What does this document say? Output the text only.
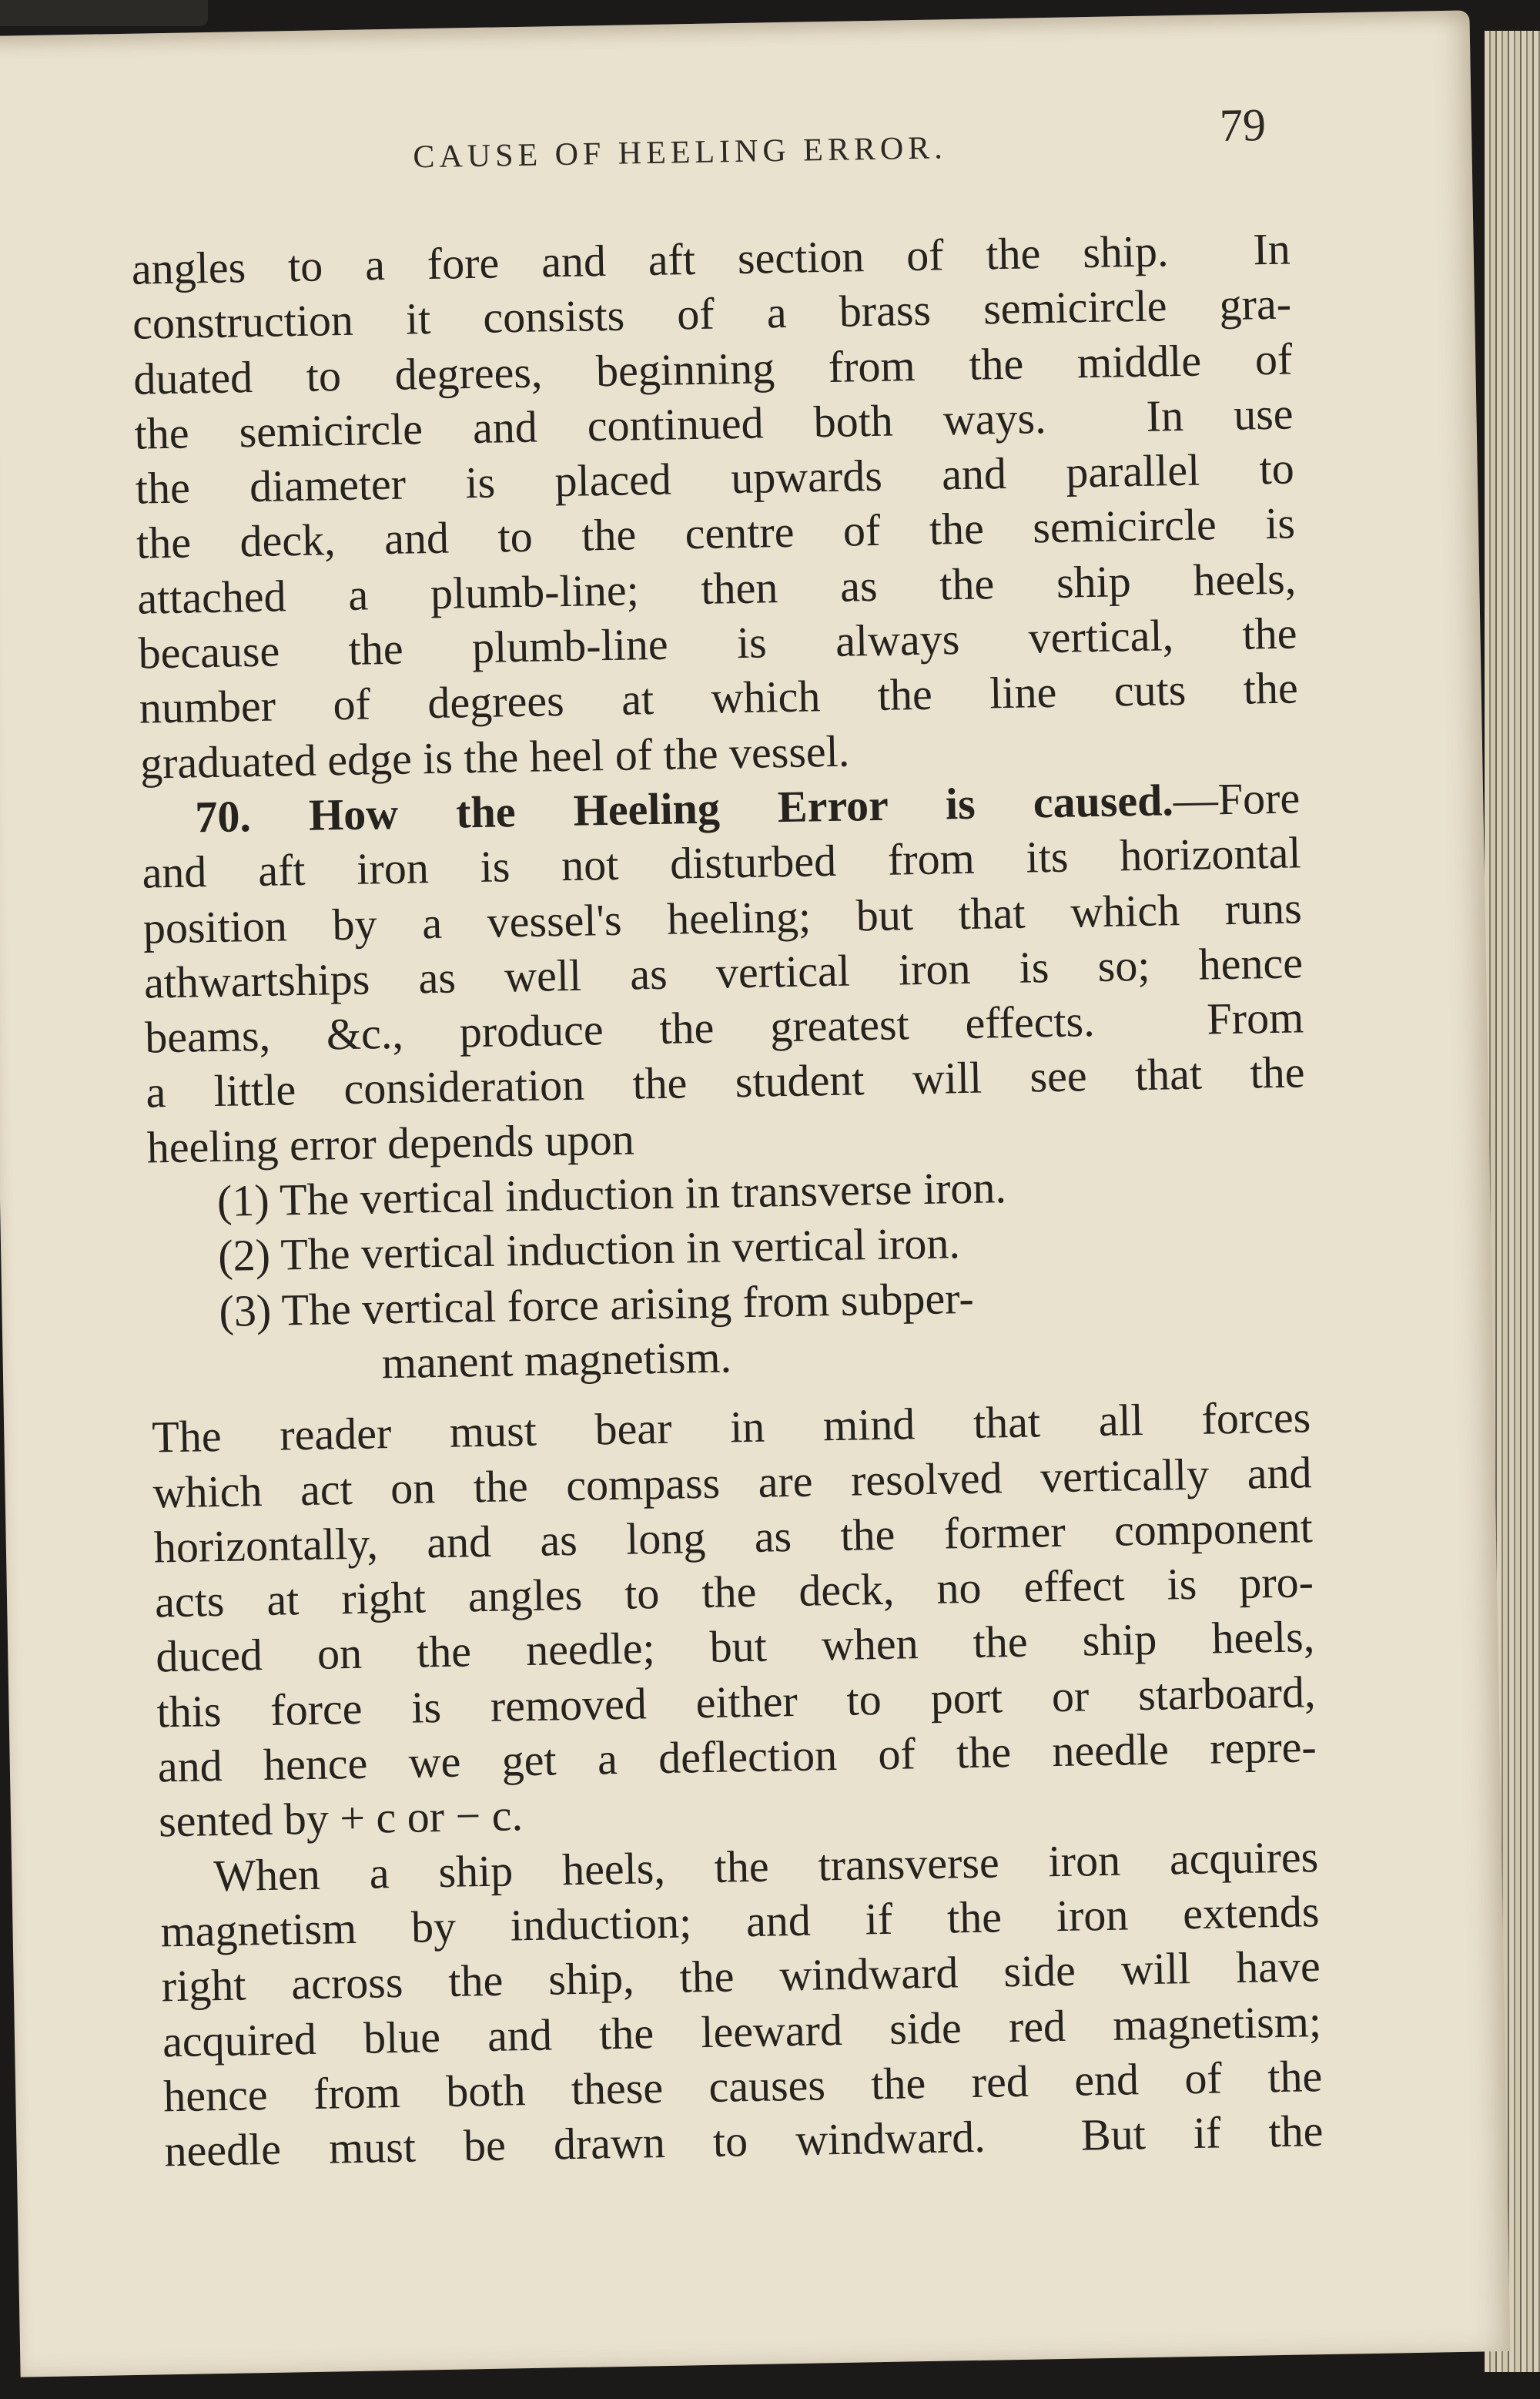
CAUSE OF HEELING ERROR.
79
angles to a fore and aft section of the ship.  In
construction it consists of a brass semicircle gra-
duated to degrees, beginning from the middle of
the semicircle and continued both ways.  In use
the diameter is placed upwards and parallel to
the deck, and to the centre of the semicircle is
attached a plumb-line; then as the ship heels,
because the plumb-line is always vertical, the
number of degrees at which the line cuts the
graduated edge is the heel of the vessel.
70. How the Heeling Error is caused.—Fore
and aft iron is not disturbed from its horizontal
position by a vessel's heeling; but that which runs
athwartships as well as vertical iron is so; hence
beams, &c., produce the greatest effects.  From
a little consideration the student will see that the
heeling error depends upon
(1) The vertical induction in transverse iron.
(2) The vertical induction in vertical iron.
(3) The vertical force arising from subper-
manent magnetism.
The reader must bear in mind that all forces
which act on the compass are resolved vertically and
horizontally, and as long as the former component
acts at right angles to the deck, no effect is pro-
duced on the needle; but when the ship heels,
this force is removed either to port or starboard,
and hence we get a deflection of the needle repre-
sented by + c or − c.
When a ship heels, the transverse iron acquires
magnetism by induction; and if the iron extends
right across the ship, the windward side will have
acquired blue and the leeward side red magnetism;
hence from both these causes the red end of the
needle must be drawn to windward.  But if the
